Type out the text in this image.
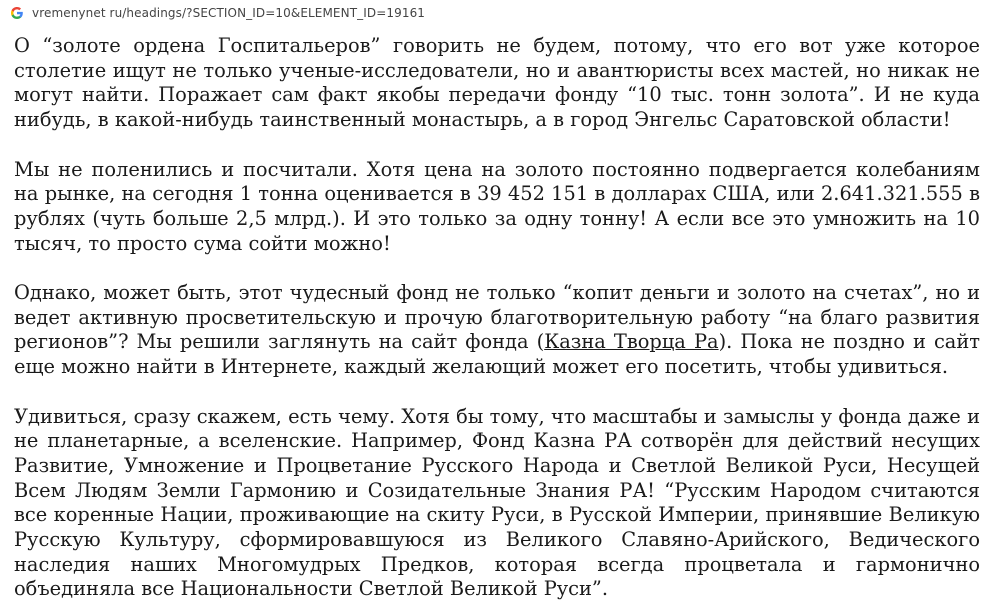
vremenynet ru/headings/?SECTION_ID=10&ELEMENT_ID=19161

О “золоте ордена Госпитальеров” говорить не будем, потому, что его вот уже которое столетие ищут не только ученые-исследователи, но и авантюристы всех мастей, но никак не могут найти. Поражает сам факт якобы передачи фонду “10 тыс. тонн золота”. И не куда нибудь, в какой-нибудь таинственный монастырь, а в город Энгельс Саратовской области!

Мы не поленились и посчитали. Хотя цена на золото постоянно подвергается колебаниям на рынке, на сегодня 1 тонна оценивается в 39 452 151 в долларах США, или 2.641.321.555 в рублях (чуть больше 2,5 млрд.). И это только за одну тонну! А если все это умножить на 10 тысяч, то просто сума сойти можно!

Однако, может быть, этот чудесный фонд не только “копит деньги и золото на счетах”, но и ведет активную просветительскую и прочую благотворительную работу “на благо развития регионов”? Мы решили заглянуть на сайт фонда (Казна Творца Ра). Пока не поздно и сайт еще можно найти в Интернете, каждый желающий может его посетить, чтобы удивиться.

Удивиться, сразу скажем, есть чему. Хотя бы тому, что масштабы и замыслы у фонда даже и не планетарные, а вселенские. Например, Фонд Казна РА сотворён для действий несущих Развитие, Умножение и Процветание Русского Народа и Светлой Великой Руси, Несущей Всем Людям Земли Гармонию и Созидательные Знания РА! “Русским Народом считаются все коренные Нации, проживающие на скиту Руси, в Русской Империи, принявшие Великую Русскую Культуру, сформировавшуюся из Великого Славяно-Арийского, Ведического наследия наших Многомудрых Предков, которая всегда процветала и гармонично объединяла все Национальности Светлой Великой Руси”.
